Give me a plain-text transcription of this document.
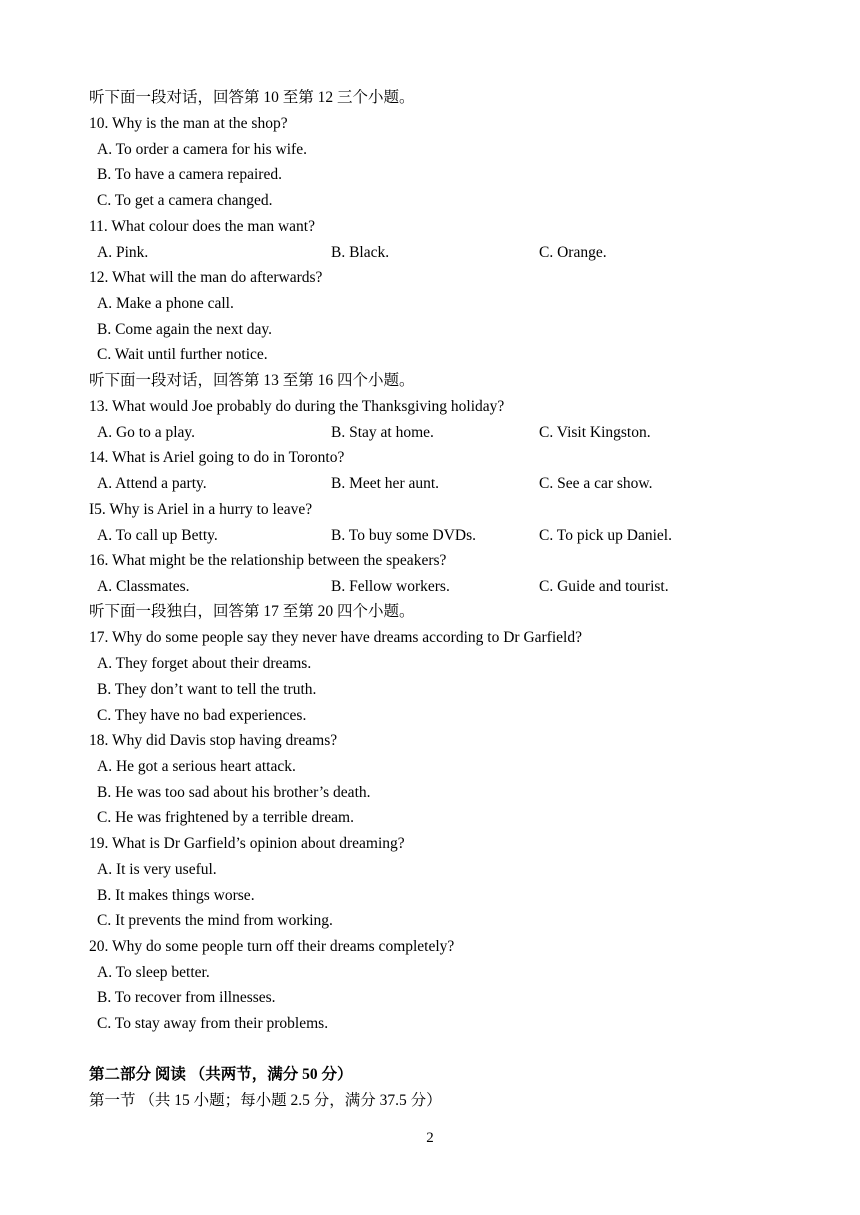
听下面一段对话，回答第 10 至第 12 三个小题。
10. Why is the man at the shop?
A. To order a camera for his wife.
B. To have a camera repaired.
C. To get a camera changed.
11. What colour does the man want?
A. Pink.	B. Black.	C. Orange.
12. What will the man do afterwards?
A. Make a phone call.
B. Come again the next day.
C. Wait until further notice.
听下面一段对话，回答第 13 至第 16 四个小题。
13. What would Joe probably do during the Thanksgiving holiday?
A. Go to a play.	B. Stay at home.	C. Visit Kingston.
14. What is Ariel going to do in Toronto?
A. Attend a party.	B. Meet her aunt.	C. See a car show.
I5. Why is Ariel in a hurry to leave?
A. To call up Betty.	B. To buy some DVDs.	C. To pick up Daniel.
16. What might be the relationship between the speakers?
A. Classmates.	B. Fellow workers.	C. Guide and tourist.
听下面一段独白，回答第 17 至第 20 四个小题。
17. Why do some people say they never have dreams according to Dr Garfield?
A. They forget about their dreams.
B. They don’t want to tell the truth.
C. They have no bad experiences.
18. Why did Davis stop having dreams?
A. He got a serious heart attack.
B. He was too sad about his brother’s death.
C. He was frightened by a terrible dream.
19. What is Dr Garfield’s opinion about dreaming?
A. It is very useful.
B. It makes things worse.
C. It prevents the mind from working.
20. Why do some people turn off their dreams completely?
A. To sleep better.
B. To recover from illnesses.
C. To stay away from their problems.
第二部分 阅读 （共两节，满分 50 分）
第一节 （共 15 小题；每小题 2.5 分，满分 37.5 分）
2
